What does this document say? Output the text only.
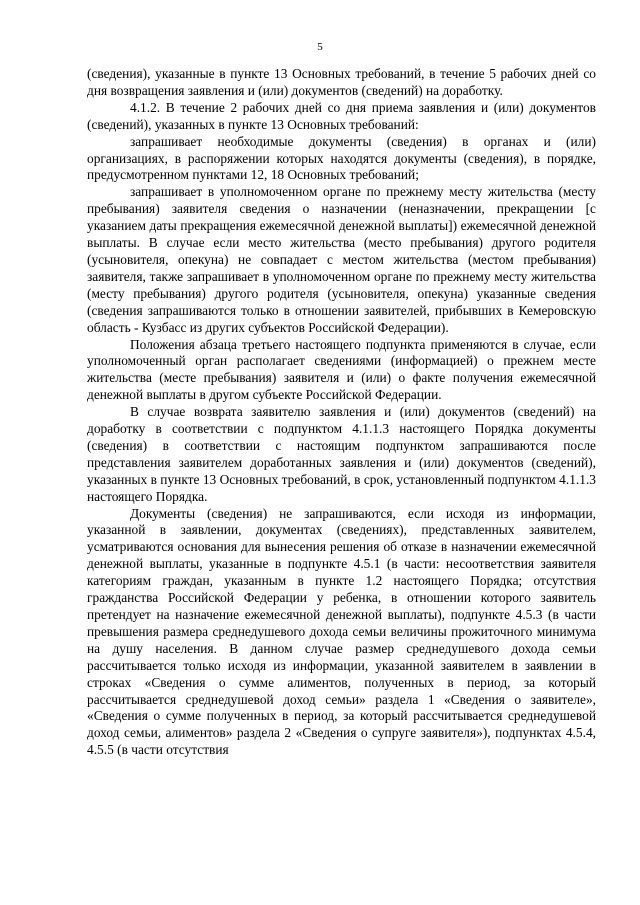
5

(сведения), указанные в пункте 13 Основных требований, в течение 5 рабочих дней со дня возвращения заявления и (или) документов (сведений) на доработку.

4.1.2. В течение 2 рабочих дней со дня приема заявления и (или) документов (сведений), указанных в пункте 13 Основных требований:

запрашивает необходимые документы (сведения) в органах и (или) организациях, в распоряжении которых находятся документы (сведения), в порядке, предусмотренном пунктами 12, 18 Основных требований;

запрашивает в уполномоченном органе по прежнему месту жительства (месту пребывания) заявителя сведения о назначении (неназначении, прекращении [с указанием даты прекращения ежемесячной денежной выплаты]) ежемесячной денежной выплаты. В случае если место жительства (место пребывания) другого родителя (усыновителя, опекуна) не совпадает с местом жительства (местом пребывания) заявителя, также запрашивает в уполномоченном органе по прежнему месту жительства (месту пребывания) другого родителя (усыновителя, опекуна) указанные сведения (сведения запрашиваются только в отношении заявителей, прибывших в Кемеровскую область - Кузбасс из других субъектов Российской Федерации).

Положения абзаца третьего настоящего подпункта применяются в случае, если уполномоченный орган располагает сведениями (информацией) о прежнем месте жительства (месте пребывания) заявителя и (или) о факте получения ежемесячной денежной выплаты в другом субъекте Российской Федерации.

В случае возврата заявителю заявления и (или) документов (сведений) на доработку в соответствии с подпунктом 4.1.1.3 настоящего Порядка документы (сведения) в соответствии с настоящим подпунктом запрашиваются после представления заявителем доработанных заявления и (или) документов (сведений), указанных в пункте 13 Основных требований, в срок, установленный подпунктом 4.1.1.3 настоящего Порядка.

Документы (сведения) не запрашиваются, если исходя из информации, указанной в заявлении, документах (сведениях), представленных заявителем, усматриваются основания для вынесения решения об отказе в назначении ежемесячной денежной выплаты, указанные в подпункте 4.5.1 (в части: несоответствия заявителя категориям граждан, указанным в пункте 1.2 настоящего Порядка; отсутствия гражданства Российской Федерации у ребенка, в отношении которого заявитель претендует на назначение ежемесячной денежной выплаты), подпункте 4.5.3 (в части превышения размера среднедушевого дохода семьи величины прожиточного минимума на душу населения. В данном случае размер среднедушевого дохода семьи рассчитывается только исходя из информации, указанной заявителем в заявлении в строках «Сведения о сумме алиментов, полученных в период, за который рассчитывается среднедушевой доход семьи» раздела 1 «Сведения о заявителе», «Сведения о сумме полученных в период, за который рассчитывается среднедушевой доход семьи, алиментов» раздела 2 «Сведения о супруге заявителя»), подпунктах 4.5.4, 4.5.5 (в части отсутствия
